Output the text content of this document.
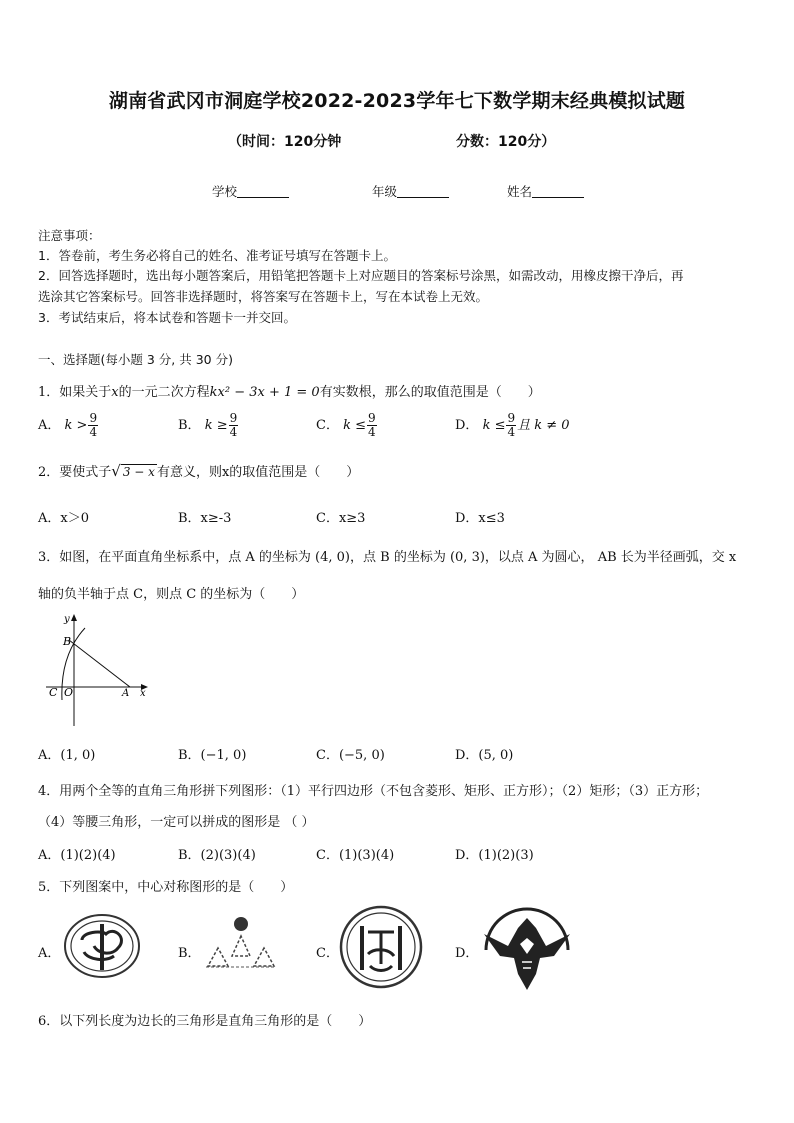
湖南省武冈市洞庭学校2022-2023学年七下数学期末经典模拟试题
（时间：120分钟	分数：120分）
学校	年级	姓名
注意事项：
1．答卷前，考生务必将自己的姓名、准考证号填写在答题卡上。
2．回答选择题时，选出每小题答案后，用铅笔把答题卡上对应题目的答案标号涂黑，如需改动，用橡皮擦干净后，再
选涂其它答案标号。回答非选择题时，将答案写在答题卡上，写在本试卷上无效。
3．考试结束后，将本试卷和答题卡一并交回。
一、选择题(每小题 3 分, 共 30 分)
1．如果关于x的一元二次方程kx² − 3x + 1 = 0有实数根，那么的取值范围是（　　）
A． $k > \frac{9}{4}$	B． $k \ge \frac{9}{4}$	C． $k \le \frac{9}{4}$	D． $k \le \frac{9}{4}$ 且 k ≠ 0
2．要使式子√ 3 − x 有意义，则x的取值范围是（　　）
A．x＞0	B．x≥-3	C．x≥3	D．x≤3
3．如图，在平面直角坐标系中，点 A 的坐标为 (4, 0)，点 B 的坐标为 (0, 3)，以点 A 为圆心， AB 长为半径画弧，交 x
轴的负半轴于点 C，则点 C 的坐标为（　　）
y
B
C O	A x
A．(1, 0)	B．(−1, 0)	C．(−5, 0)	D．(5, 0)
4．用两个全等的直角三角形拼下列图形：（1）平行四边形（不包含菱形、矩形、正方形）；（2）矩形；（3）正方形；
（4）等腰三角形，一定可以拼成的图形是 （ ）
A．(1)(2)(4)	B．(2)(3)(4)	C．(1)(3)(4)	D．(1)(2)(3)
5．下列图案中，中心对称图形的是（　　）
A．	B．	C．	D．
6．以下列长度为边长的三角形是直角三角形的是（　　）
